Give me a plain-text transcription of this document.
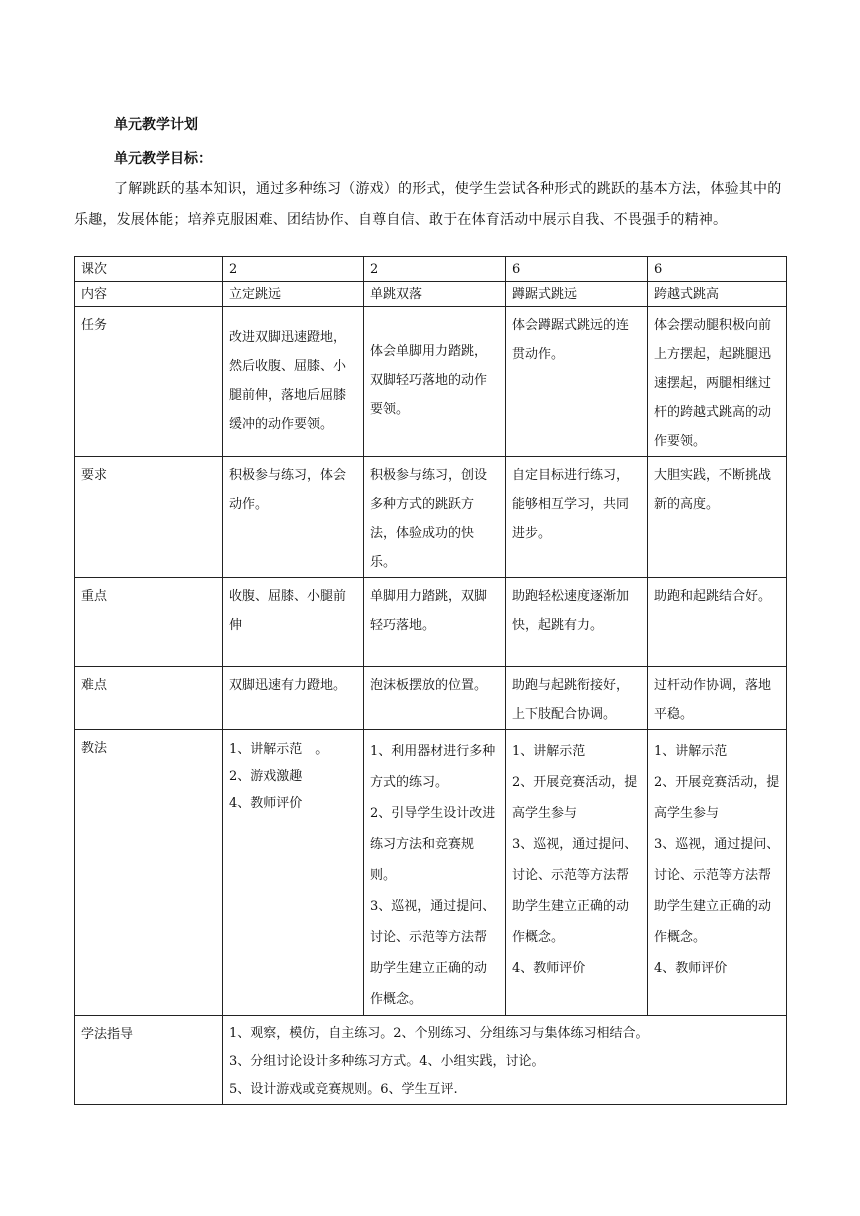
单元教学计划

单元教学目标：

了解跳跃的基本知识，通过多种练习（游戏）的形式，使学生尝试各种形式的跳跃的基本方法，体验其中的乐趣，发展体能；培养克服困难、团结协作、自尊自信、敢于在体育活动中展示自我、不畏强手的精神。

课次	2	2	6	6

内容	立定跳远	单跳双落	蹲踞式跳远	跨越式跳高

任务	改进双脚迅速蹬地，然后收腹、屈膝、小腿前伸，落地后屈膝缓冲的动作要领。	体会单脚用力踏跳，双脚轻巧落地的动作要领。	体会蹲踞式跳远的连贯动作。	体会摆动腿积极向前上方摆起，起跳腿迅速摆起，两腿相继过杆的跨越式跳高的动作要领。

要求	积极参与练习，体会动作。	积极参与练习，创设多种方式的跳跃方法，体验成功的快乐。	自定目标进行练习，能够相互学习，共同进步。	大胆实践，不断挑战新的高度。

重点	收腹、屈膝、小腿前伸	单脚用力踏跳，双脚轻巧落地。	助跑轻松速度逐渐加快，起跳有力。	助跑和起跳结合好。

难点	双脚迅速有力蹬地。	泡沫板摆放的位置。	助跑与起跳衔接好，上下肢配合协调。	过杆动作协调，落地平稳。

教法	1、讲解示范　。
2、游戏激趣
4、教师评价	1、利用器材进行多种方式的练习。
2、引导学生设计改进练习方法和竞赛规则。
3、巡视，通过提问、讨论、示范等方法帮助学生建立正确的动作概念。	1、讲解示范
2、开展竞赛活动，提高学生参与
3、巡视，通过提问、讨论、示范等方法帮助学生建立正确的动作概念。
4、教师评价	1、讲解示范
2、开展竞赛活动，提高学生参与
3、巡视，通过提问、讨论、示范等方法帮助学生建立正确的动作概念。
4、教师评价

学法指导	1、观察，模仿，自主练习。2、个别练习、分组练习与集体练习相结合。
3、分组讨论设计多种练习方式。4、小组实践，讨论。
5、设计游戏或竞赛规则。6、学生互评.			
